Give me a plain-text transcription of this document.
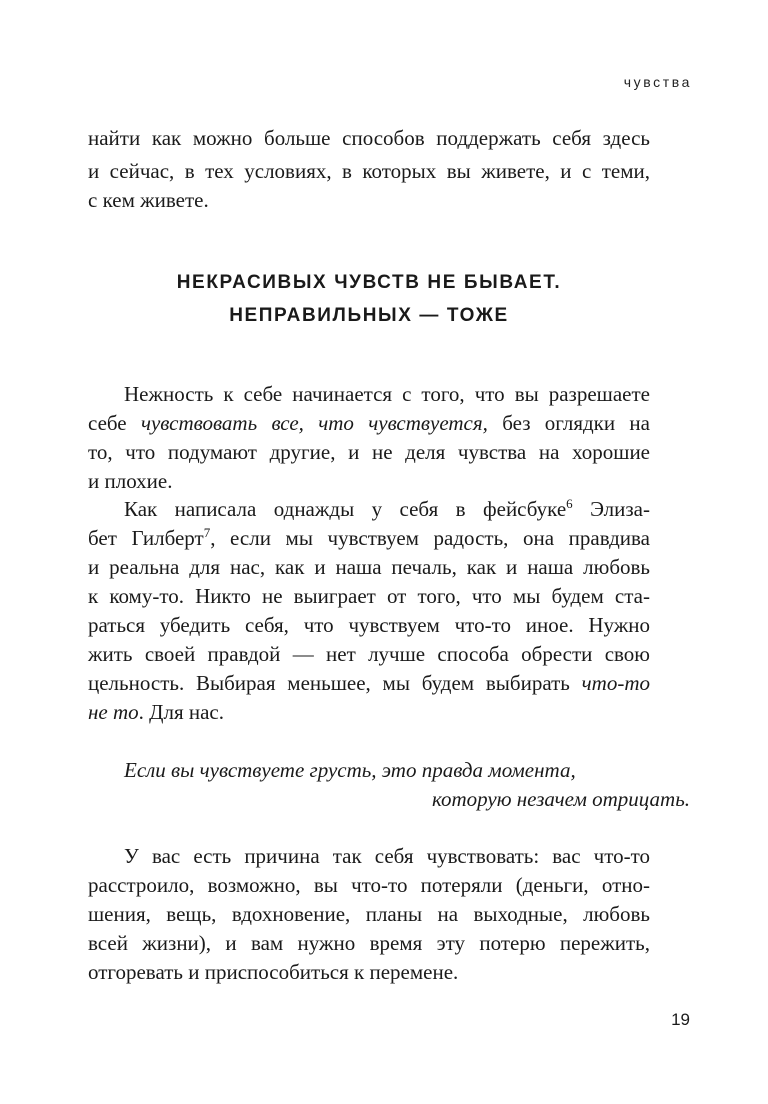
чувства
найти как можно больше способов поддержать себя здесь
и сейчас, в тех условиях, в которых вы живете, и с теми,
с кем живете.
НЕКРАСИВЫХ ЧУВСТВ НЕ БЫВАЕТ.
НЕПРАВИЛЬНЫХ — ТОЖЕ
Нежность к себе начинается с того, что вы разрешаете
себе чувствовать все, что чувствуется, без оглядки на
то, что подумают другие, и не деля чувства на хорошие
и плохие.
Как написала однажды у себя в фейсбуке$^6$ Элиза-
бет Гилберт$^7$, если мы чувствуем радость, она правдива
и реальна для нас, как и наша печаль, как и наша любовь
к кому-то. Никто не выиграет от того, что мы будем ста-
раться убедить себя, что чувствуем что-то иное. Нужно
жить своей правдой — нет лучше способа обрести свою
цельность. Выбирая меньшее, мы будем выбирать что-то
не то. Для нас.
Если вы чувствуете грусть, это правда момента,
которую незачем отрицать.
У вас есть причина так себя чувствовать: вас что-то
расстроило, возможно, вы что-то потеряли (деньги, отно-
шения, вещь, вдохновение, планы на выходные, любовь
всей жизни), и вам нужно время эту потерю пережить,
отгоревать и приспособиться к перемене.
19
